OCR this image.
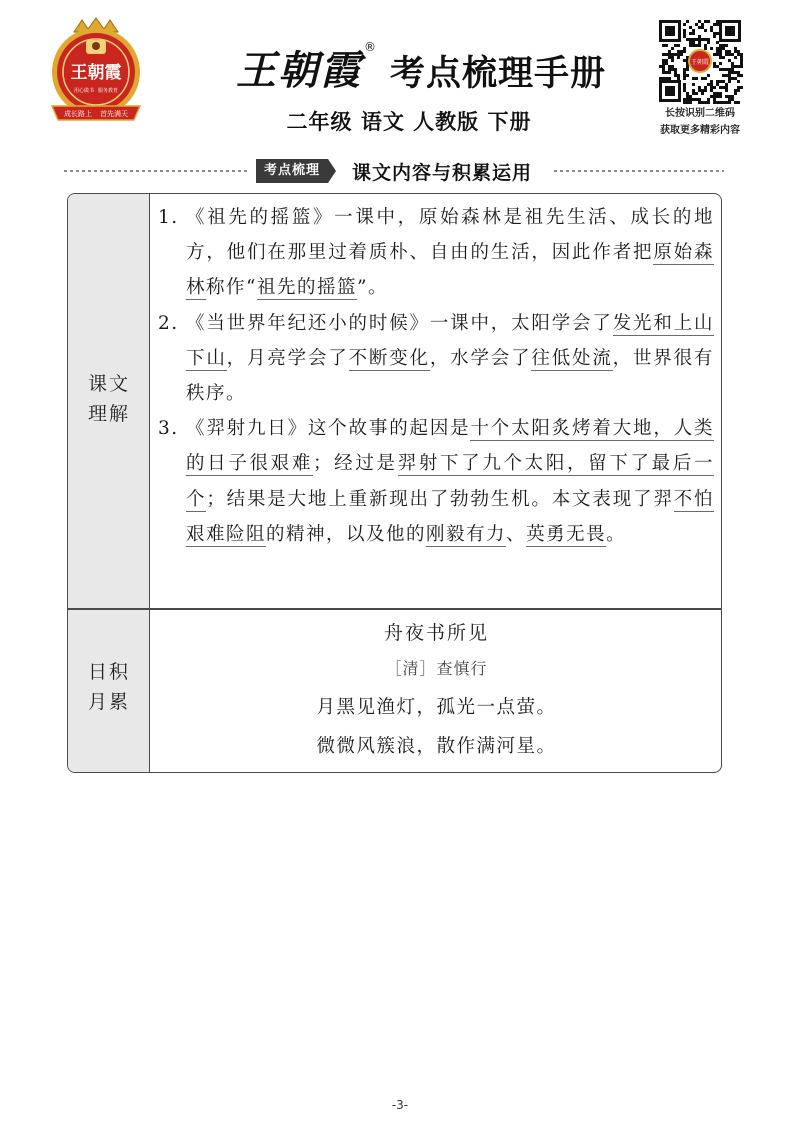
王朝霞
用心做书 服务教育
成长路上 首先满天
王朝霞 ®
考点梳理手册
二年级 语文 人教版 下册
王朝霞
长按识别二维码
获取更多精彩内容
考点梳理	课文内容与积累运用
课文
理解
1. 《祖先的摇篮》一课中，原始森林是祖先生活、成长的地方，他们在那里过着质朴、自由的生活，因此作者把原始森林称作“祖先的摇篮”。
2. 《当世界年纪还小的时候》一课中，太阳学会了发光和上山下山，月亮学会了不断变化，水学会了往低处流，世界很有秩序。
3. 《羿射九日》这个故事的起因是十个太阳炙烤着大地，人类的日子很艰难；经过是羿射下了九个太阳，留下了最后一个；结果是大地上重新现出了勃勃生机。本文表现了羿不怕艰难险阻的精神，以及他的刚毅有力、英勇无畏。
日积
月累
舟夜书所见
［清］查慎行
月黑见渔灯，孤光一点萤。
微微风簇浪，散作满河星。
-3-
